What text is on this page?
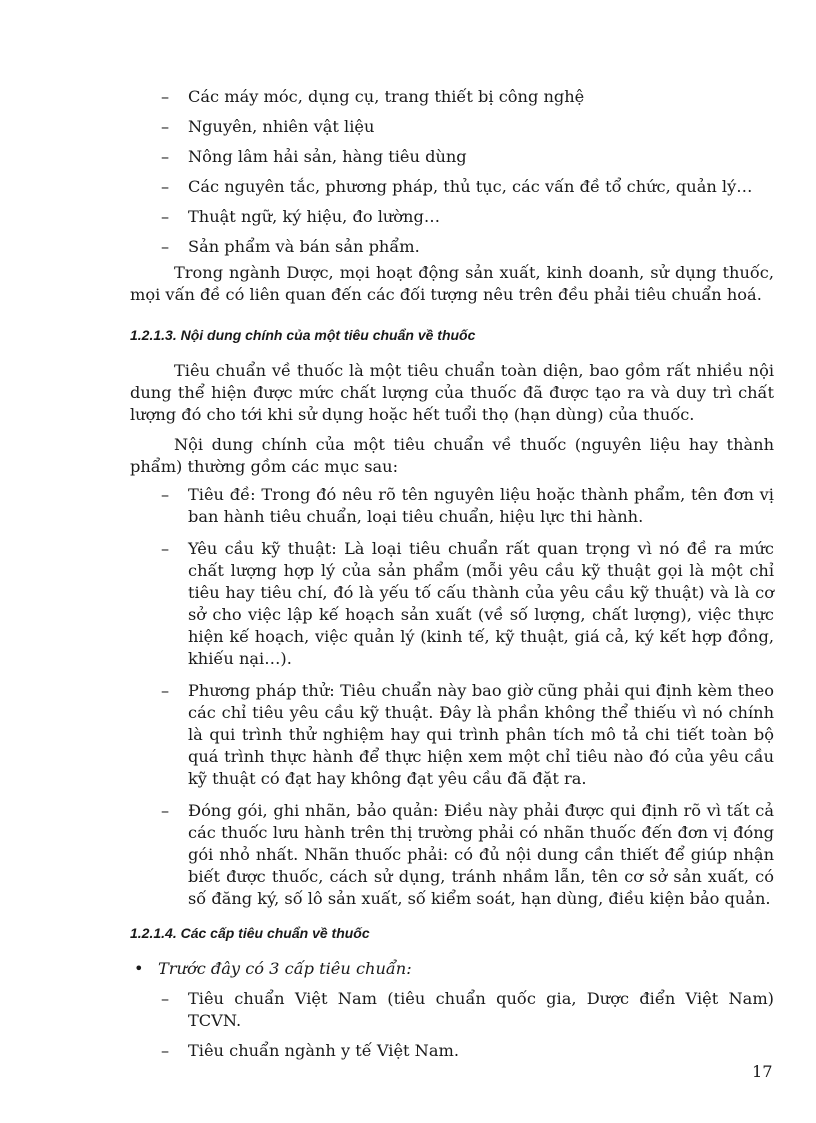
– Các máy móc, dụng cụ, trang thiết bị công nghệ
– Nguyên, nhiên vật liệu
– Nông lâm hải sản, hàng tiêu dùng
– Các nguyên tắc, phương pháp, thủ tục, các vấn đề tổ chức, quản lý…
– Thuật ngữ, ký hiệu, đo lường…
– Sản phẩm và bán sản phẩm.

Trong ngành Dược, mọi hoạt động sản xuất, kinh doanh, sử dụng thuốc, mọi vấn đề có liên quan đến các đối tượng nêu trên đều phải tiêu chuẩn hoá.

1.2.1.3. Nội dung chính của một tiêu chuẩn về thuốc

Tiêu chuẩn về thuốc là một tiêu chuẩn toàn diện, bao gồm rất nhiều nội dung thể hiện được mức chất lượng của thuốc đã được tạo ra và duy trì chất lượng đó cho tới khi sử dụng hoặc hết tuổi thọ (hạn dùng) của thuốc.

Nội dung chính của một tiêu chuẩn về thuốc (nguyên liệu hay thành phẩm) thường gồm các mục sau:

– Tiêu đề: Trong đó nêu rõ tên nguyên liệu hoặc thành phẩm, tên đơn vị ban hành tiêu chuẩn, loại tiêu chuẩn, hiệu lực thi hành.
– Yêu cầu kỹ thuật: Là loại tiêu chuẩn rất quan trọng vì nó đề ra mức chất lượng hợp lý của sản phẩm (mỗi yêu cầu kỹ thuật gọi là một chỉ tiêu hay tiêu chí, đó là yếu tố cấu thành của yêu cầu kỹ thuật) và là cơ sở cho việc lập kế hoạch sản xuất (về số lượng, chất lượng), việc thực hiện kế hoạch, việc quản lý (kinh tế, kỹ thuật, giá cả, ký kết hợp đồng, khiếu nại…).
– Phương pháp thử: Tiêu chuẩn này bao giờ cũng phải qui định kèm theo các chỉ tiêu yêu cầu kỹ thuật. Đây là phần không thể thiếu vì nó chính là qui trình thử nghiệm hay qui trình phân tích mô tả chi tiết toàn bộ quá trình thực hành để thực hiện xem một chỉ tiêu nào đó của yêu cầu kỹ thuật có đạt hay không đạt yêu cầu đã đặt ra.
– Đóng gói, ghi nhãn, bảo quản: Điều này phải được qui định rõ vì tất cả các thuốc lưu hành trên thị trường phải có nhãn thuốc đến đơn vị đóng gói nhỏ nhất. Nhãn thuốc phải: có đủ nội dung cần thiết để giúp nhận biết được thuốc, cách sử dụng, tránh nhầm lẫn, tên cơ sở sản xuất, có số đăng ký, số lô sản xuất, số kiểm soát, hạn dùng, điều kiện bảo quản.
1.2.1.4. Các cấp tiêu chuẩn về thuốc
• Trước đây có 3 cấp tiêu chuẩn:
– Tiêu chuẩn Việt Nam (tiêu chuẩn quốc gia, Dược điển Việt Nam) TCVN.
– Tiêu chuẩn ngành y tế Việt Nam.
17
